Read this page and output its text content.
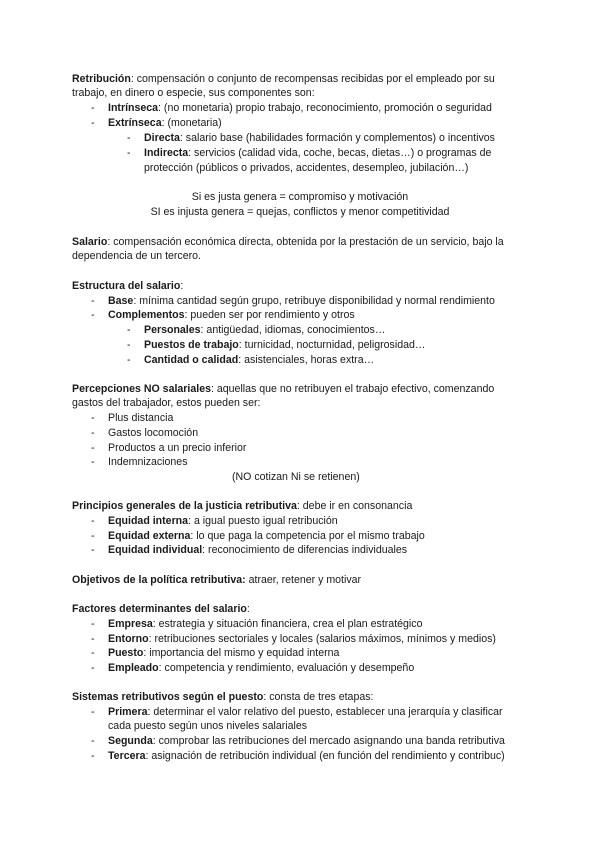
Retribución: compensación o conjunto de recompensas recibidas por el empleado por su
trabajo, en dinero o especie, sus componentes son:
- Intrínseca: (no monetaria) propio trabajo, reconocimiento, promoción o seguridad
- Extrínseca: (monetaria)
- Directa: salario base (habilidades formación y complementos) o incentivos
- Indirecta: servicios (calidad vida, coche, becas, dietas…) o programas de
protección (públicos o privados, accidentes, desempleo, jubilación…)
Si es justa genera = compromiso y motivación
SI es injusta genera = quejas, conflictos y menor competitividad
Salario: compensación económica directa, obtenida por la prestación de un servicio, bajo la
dependencia de un tercero.
Estructura del salario:
- Base: mínima cantidad según grupo, retribuye disponibilidad y normal rendimiento
- Complementos: pueden ser por rendimiento y otros
- Personales: antigüedad, idiomas, conocimientos…
- Puestos de trabajo: turnicidad, nocturnidad, peligrosidad…
- Cantidad o calidad: asistenciales, horas extra…
Percepciones NO salariales: aquellas que no retribuyen el trabajo efectivo, comenzando
gastos del trabajador, estos pueden ser:
- Plus distancia
- Gastos locomoción
- Productos a un precio inferior
- Indemnizaciones
(NO cotizan Ni se retienen)
Principios generales de la justicia retributiva: debe ir en consonancia
- Equidad interna: a igual puesto igual retribución
- Equidad externa: lo que paga la competencia por el mismo trabajo
- Equidad individual: reconocimiento de diferencias individuales
Objetivos de la política retributiva: atraer, retener y motivar
Factores determinantes del salario:
- Empresa: estrategia y situación financiera, crea el plan estratégico
- Entorno: retribuciones sectoriales y locales (salarios máximos, mínimos y medios)
- Puesto: importancia del mismo y equidad interna
- Empleado: competencia y rendimiento, evaluación y desempeño
Sistemas retributivos según el puesto: consta de tres etapas:
- Primera: determinar el valor relativo del puesto, establecer una jerarquía y clasificar
cada puesto según unos niveles salariales
- Segunda: comprobar las retribuciones del mercado asignando una banda retributiva
- Tercera: asignación de retribución individual (en función del rendimiento y contribuc)
